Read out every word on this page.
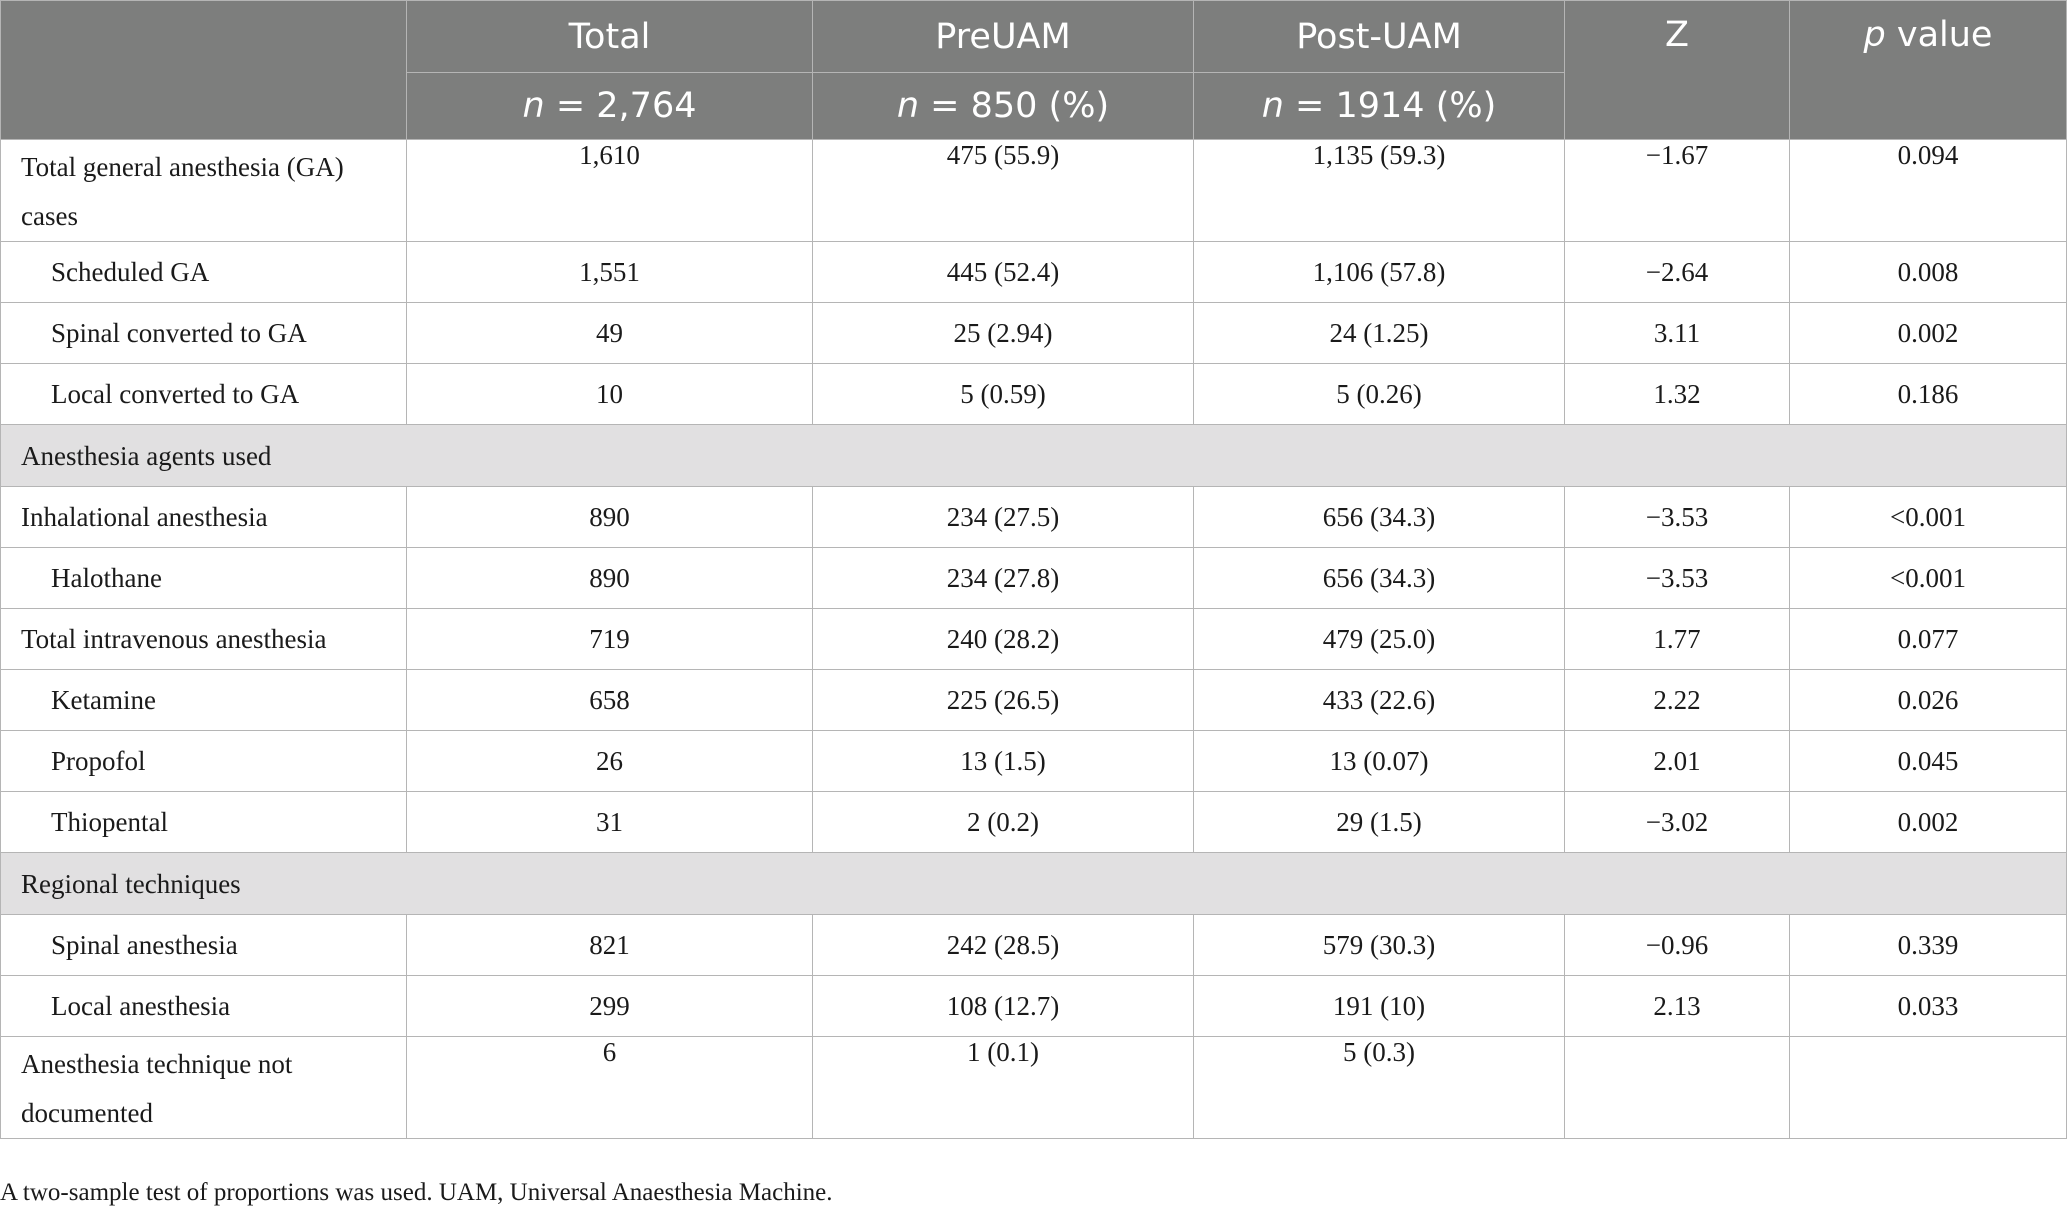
	Total	PreUAM	Post-UAM	Z	p value
	n = 2,764	n = 850 (%)	n = 1914 (%)		
Total general anesthesia (GA) cases	1,610	475 (55.9)	1,135 (59.3)	−1.67	0.094
Scheduled GA	1,551	445 (52.4)	1,106 (57.8)	−2.64	0.008
Spinal converted to GA	49	25 (2.94)	24 (1.25)	3.11	0.002
Local converted to GA	10	5 (0.59)	5 (0.26)	1.32	0.186
Anesthesia agents used					
Inhalational anesthesia	890	234 (27.5)	656 (34.3)	−3.53	<0.001
Halothane	890	234 (27.8)	656 (34.3)	−3.53	<0.001
Total intravenous anesthesia	719	240 (28.2)	479 (25.0)	1.77	0.077
Ketamine	658	225 (26.5)	433 (22.6)	2.22	0.026
Propofol	26	13 (1.5)	13 (0.07)	2.01	0.045
Thiopental	31	2 (0.2)	29 (1.5)	−3.02	0.002
Regional techniques					
Spinal anesthesia	821	242 (28.5)	579 (30.3)	−0.96	0.339
Local anesthesia	299	108 (12.7)	191 (10)	2.13	0.033
Anesthesia technique not documented	6	1 (0.1)	5 (0.3)		
A two-sample test of proportions was used. UAM, Universal Anaesthesia Machine.
